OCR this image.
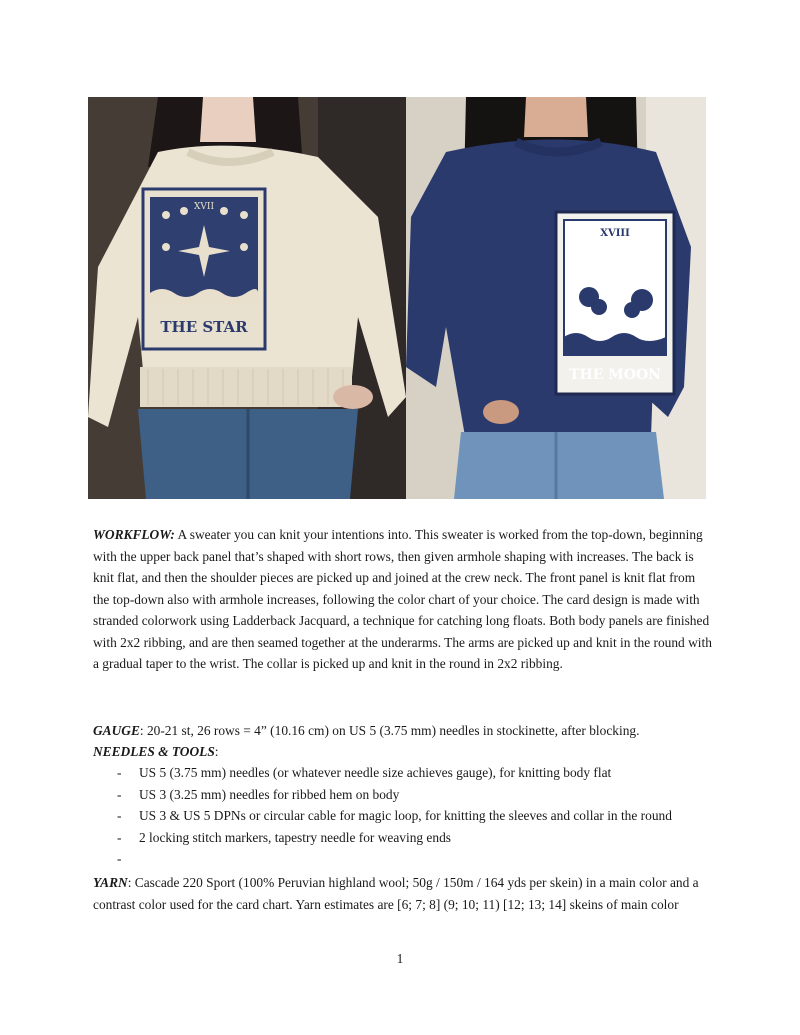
THE STAR
XVII
XVIII
THE MOON
WORKFLOW: A sweater you can knit your intentions into. This sweater is worked from the top-down, beginning with the upper back panel that’s shaped with short rows, then given armhole shaping with increases. The back is knit flat, and then the shoulder pieces are picked up and joined at the crew neck. The front panel is knit flat from the top-down also with armhole increases, following the color chart of your choice. The card design is made with stranded colorwork using Ladderback Jacquard, a technique for catching long floats. Both body panels are finished with 2x2 ribbing, and are then seamed together at the underarms. The arms are picked up and knit in the round with a gradual taper to the wrist. The collar is picked up and knit in the round in 2x2 ribbing.
GAUGE: 20-21 st, 26 rows = 4” (10.16 cm) on US 5 (3.75 mm) needles in stockinette, after blocking.
NEEDLES & TOOLS:
- US 5 (3.75 mm) needles (or whatever needle size achieves gauge), for knitting body flat
- US 3 (3.25 mm) needles for ribbed hem on body
- US 3 & US 5 DPNs or circular cable for magic loop, for knitting the sleeves and collar in the round
- 2 locking stitch markers, tapestry needle for weaving ends
YARN: Cascade 220 Sport (100% Peruvian highland wool; 50g / 150m / 164 yds per skein) in a main color and a contrast color used for the card chart. Yarn estimates are [6; 7; 8] (9; 10; 11) [12; 13; 14] skeins of main color
1
